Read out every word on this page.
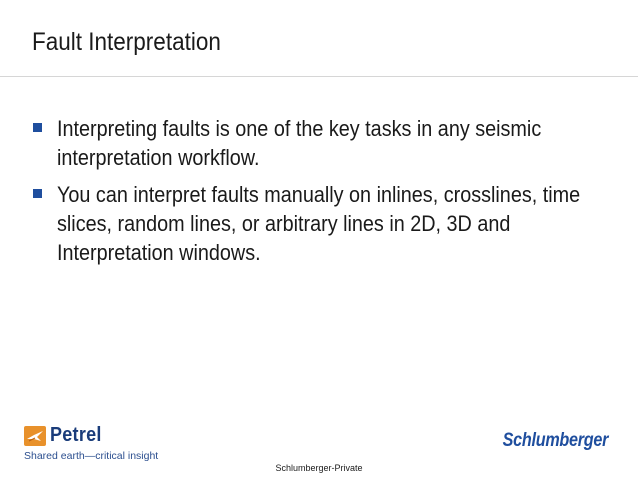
Fault Interpretation
Interpreting faults is one of the key tasks in any seismic interpretation workflow.
You can interpret faults manually on inlines, crosslines, time slices, random lines, or arbitrary lines in 2D, 3D and Interpretation windows.
Petrel
Shared earth—critical insight
Schlumberger
Schlumberger-Private
